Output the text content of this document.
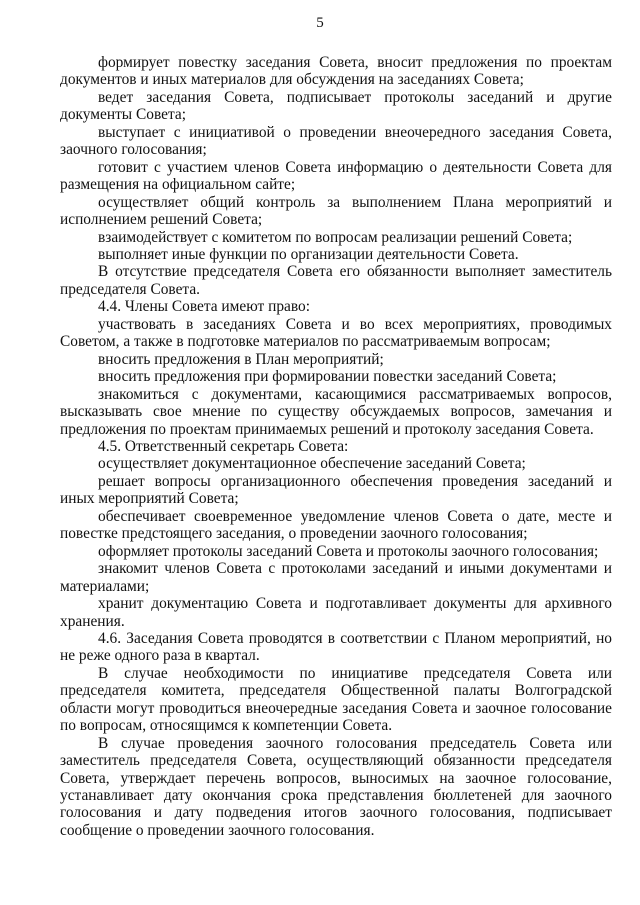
5

формирует повестку заседания Совета, вносит предложения по проектам документов и иных материалов для обсуждения на заседаниях Совета;

ведет заседания Совета, подписывает протоколы заседаний и другие документы Совета;

выступает с инициативой о проведении внеочередного заседания Совета, заочного голосования;

готовит с участием членов Совета информацию о деятельности Совета для размещения на официальном сайте;

осуществляет общий контроль за выполнением Плана мероприятий и исполнением решений Совета;

взаимодействует с комитетом по вопросам реализации решений Совета;

выполняет иные функции по организации деятельности Совета.

В отсутствие председателя Совета его обязанности выполняет заместитель председателя Совета.

4.4. Члены Совета имеют право:

участвовать в заседаниях Совета и во всех мероприятиях, проводимых Советом, а также в подготовке материалов по рассматриваемым вопросам;

вносить предложения в План мероприятий;

вносить предложения при формировании повестки заседаний Совета;

знакомиться с документами, касающимися рассматриваемых вопросов, высказывать свое мнение по существу обсуждаемых вопросов, замечания и предложения по проектам принимаемых решений и протоколу заседания Совета.

4.5. Ответственный секретарь Совета:

осуществляет документационное обеспечение заседаний Совета;

решает вопросы организационного обеспечения проведения заседаний и иных мероприятий Совета;

обеспечивает своевременное уведомление членов Совета о дате, месте и повестке предстоящего заседания, о проведении заочного голосования;

оформляет протоколы заседаний Совета и протоколы заочного голосования;

знакомит членов Совета с протоколами заседаний и иными документами и материалами;

хранит документацию Совета и подготавливает документы для архивного хранения.

4.6. Заседания Совета проводятся в соответствии с Планом мероприятий, но не реже одного раза в квартал.

В случае необходимости по инициативе председателя Совета или председателя комитета, председателя Общественной палаты Волгоградской области могут проводиться внеочередные заседания Совета и заочное голосование по вопросам, относящимся к компетенции Совета.

В случае проведения заочного голосования председатель Совета или заместитель председателя Совета, осуществляющий обязанности председателя Совета, утверждает перечень вопросов, выносимых на заочное голосование, устанавливает дату окончания срока представления бюллетеней для заочного голосования и дату подведения итогов заочного голосования, подписывает сообщение о проведении заочного голосования.
